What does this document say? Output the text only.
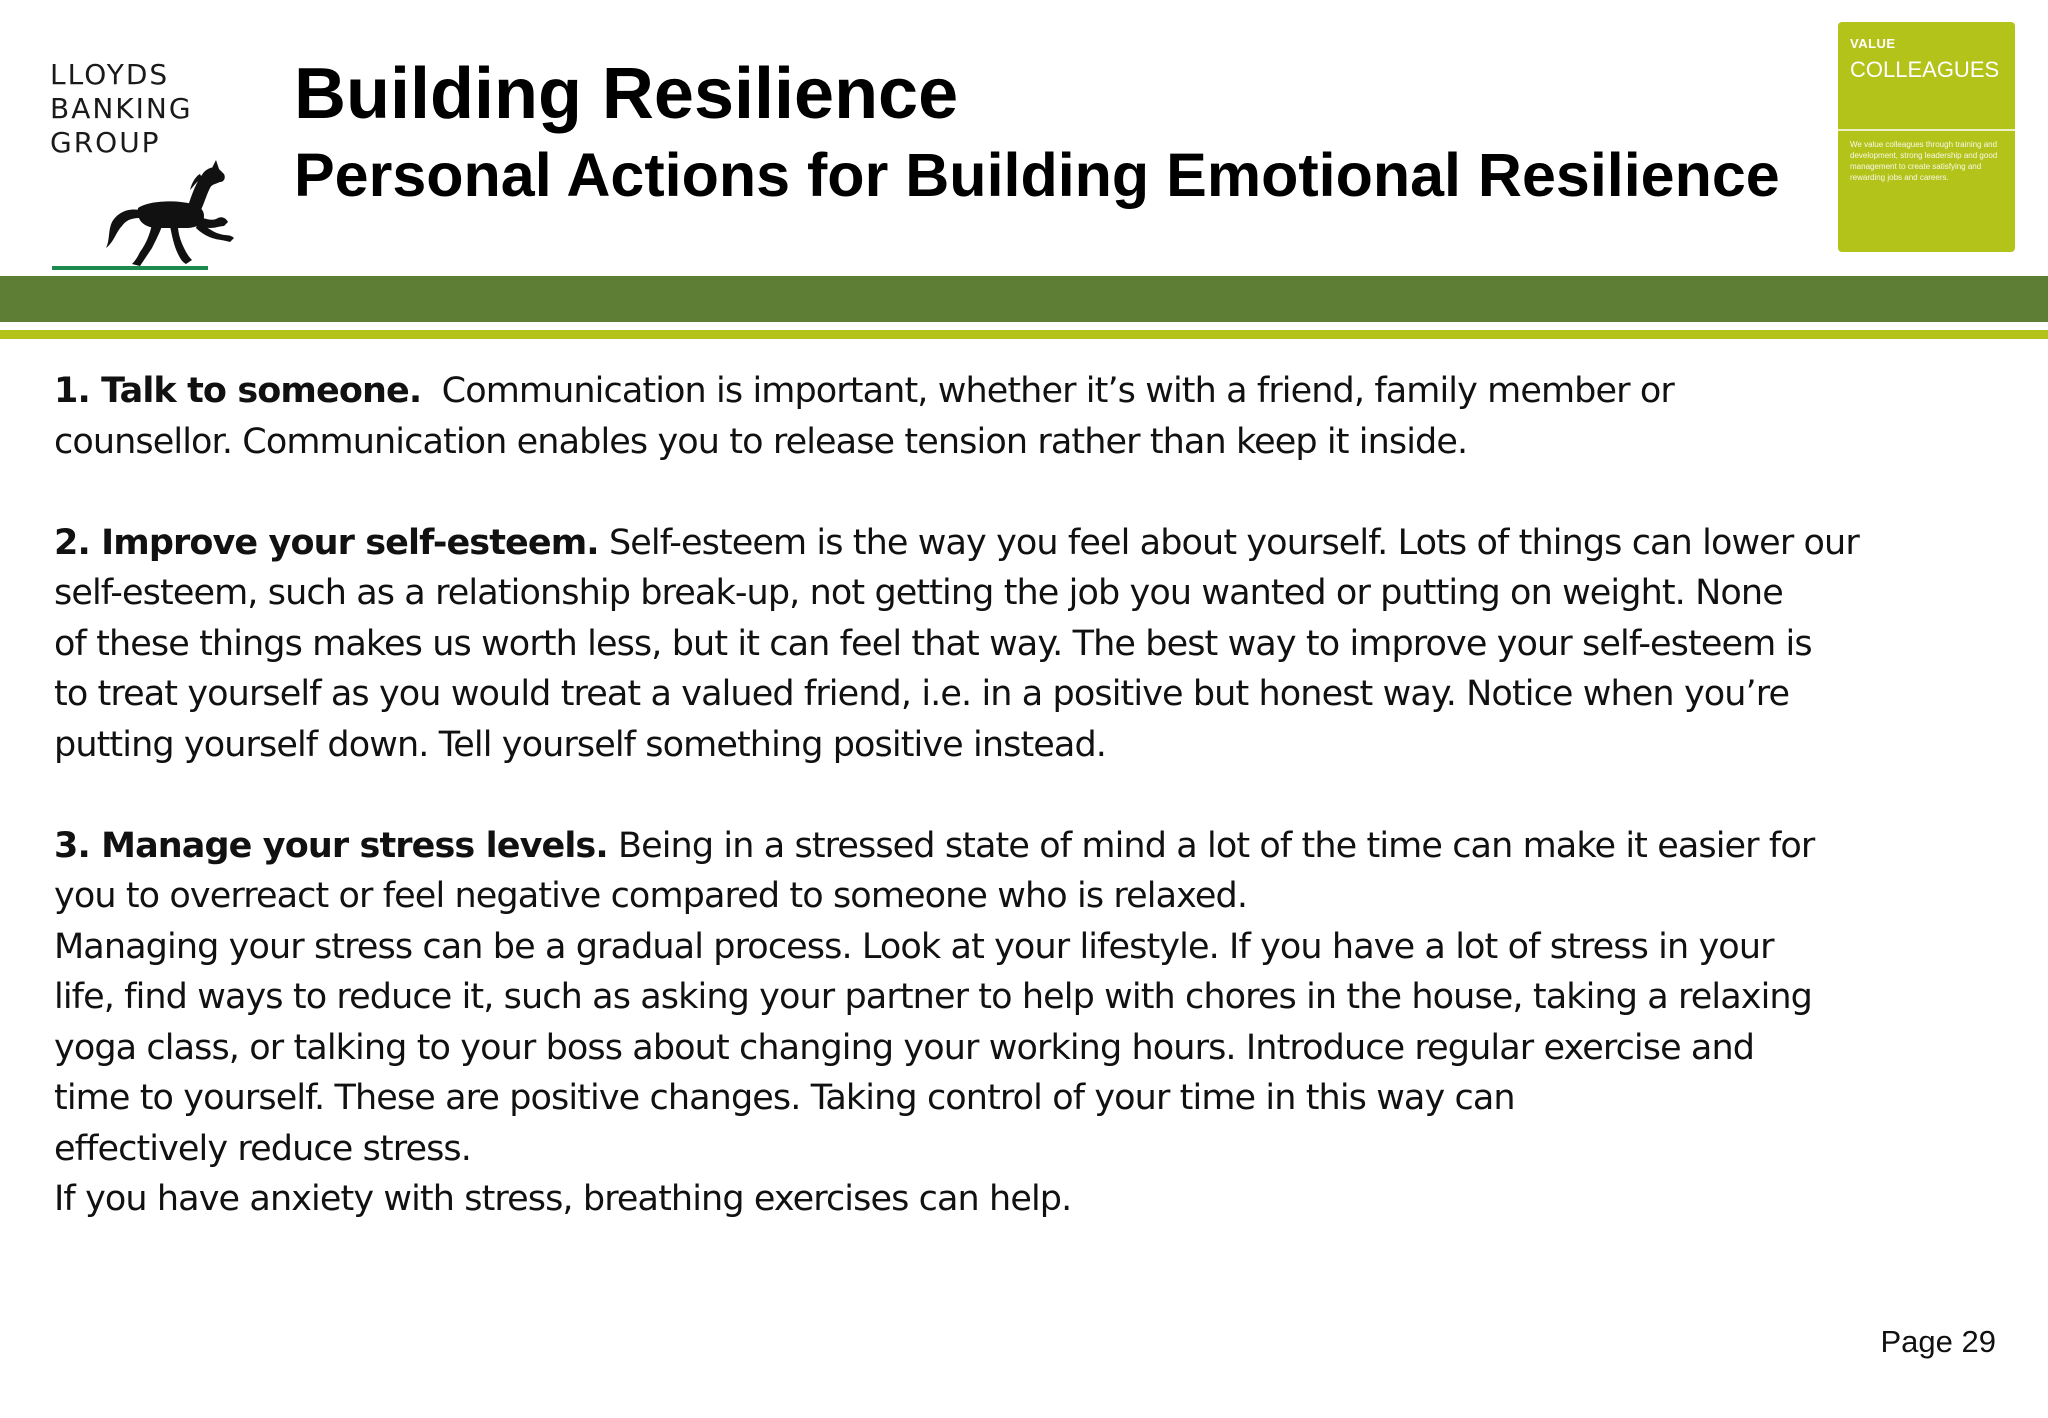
LLOYDS

BANKING

GROUP

Building Resilience
Personal Actions for Building Emotional Resilience

VALUE

COLLEAGUES

We value colleagues through training and development, strong leadership and good management to create satisfying and rewarding jobs and careers.

1. Talk to someone. Communication is important, whether it’s with a friend, family member or

counsellor. Communication enables you to release tension rather than keep it inside.

2. Improve your self-esteem. Self-esteem is the way you feel about yourself. Lots of things can lower our

self-esteem, such as a relationship break-up, not getting the job you wanted or putting on weight. None

of these things makes us worth less, but it can feel that way. The best way to improve your self-esteem is

to treat yourself as you would treat a valued friend, i.e. in a positive but honest way. Notice when you’re

putting yourself down. Tell yourself something positive instead.

3. Manage your stress levels. Being in a stressed state of mind a lot of the time can make it easier for

you to overreact or feel negative compared to someone who is relaxed.

Managing your stress can be a gradual process. Look at your lifestyle. If you have a lot of stress in your

life, find ways to reduce it, such as asking your partner to help with chores in the house, taking a relaxing

yoga class, or talking to your boss about changing your working hours. Introduce regular exercise and

time to yourself. These are positive changes. Taking control of your time in this way can

effectively reduce stress.

If you have anxiety with stress, breathing exercises can help.

Page 29
